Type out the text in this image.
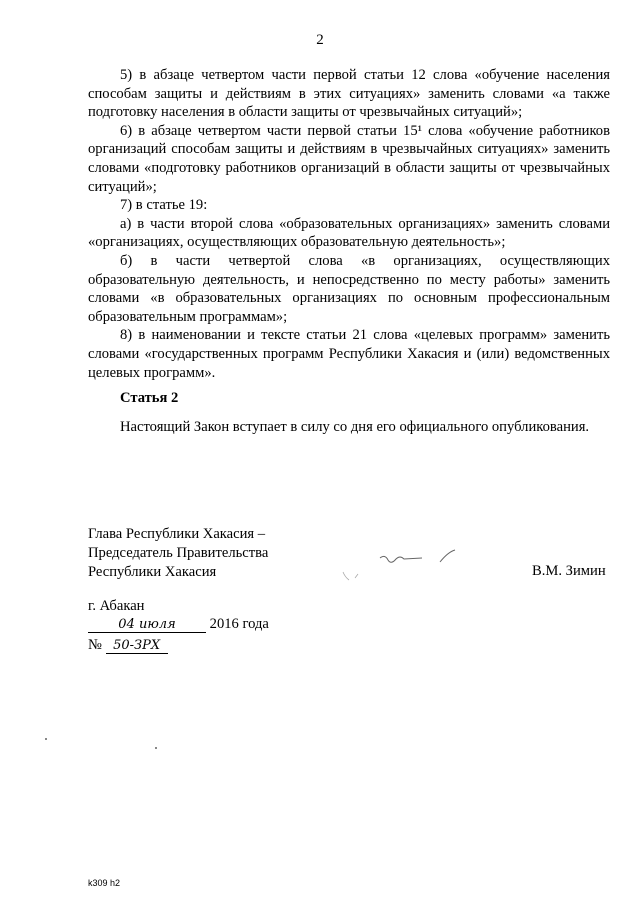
2

5) в абзаце четвертом части первой статьи 12 слова «обучение населения способам защиты и действиям в этих ситуациях» заменить словами «а также подготовку населения в области защиты от чрезвычайных ситуаций»;

6) в абзаце четвертом части первой статьи 15¹ слова «обучение работников организаций способам защиты и действиям в чрезвычайных ситуациях» заменить словами «подготовку работников организаций в области защиты от чрезвычайных ситуаций»;

7) в статье 19:

а) в части второй слова «образовательных организациях» заменить словами «организациях, осуществляющих образовательную деятельность»;

б) в части четвертой слова «в организациях, осуществляющих образовательную деятельность, и непосредственно по месту работы» заменить словами «в образовательных организациях по основным профессиональным образовательным программам»;

8) в наименовании и тексте статьи 21 слова «целевых программ» заменить словами «государственных программ Республики Хакасия и (или) ведомственных целевых программ».

Статья 2
Настоящий Закон вступает в силу со дня его официального опубликования.
Глава Республики Хакасия –
Председатель Правительства
Республики Хакасия	В.М. Зимин
г. Абакан
04 июля 2016 года
№ 50-ЗРХ
k309 h2
